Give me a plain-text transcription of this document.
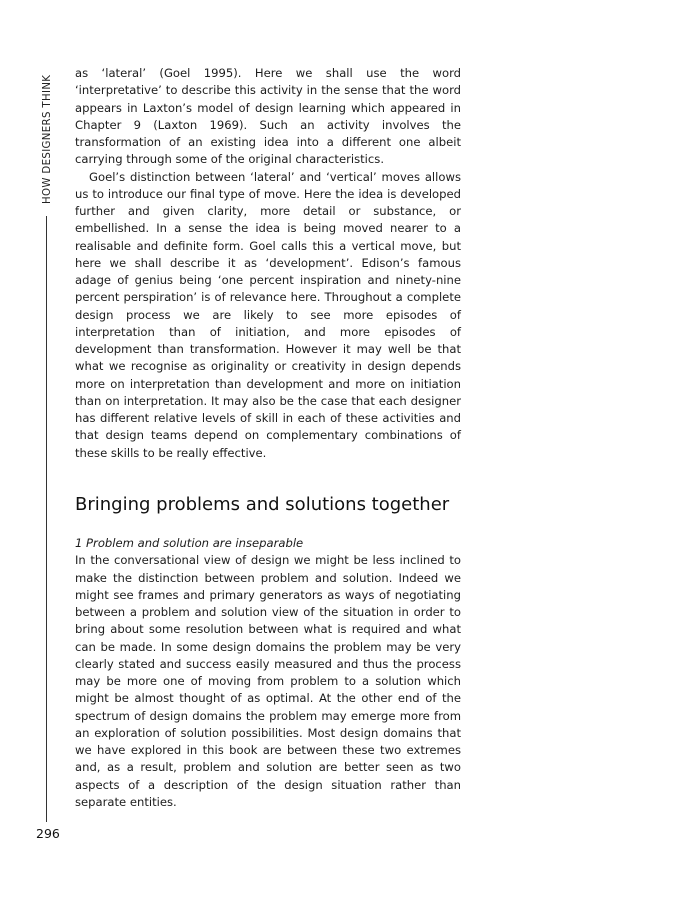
HOW DESIGNERS THINK
296

as ‘lateral’ (Goel 1995). Here we shall use the word ‘interpretative’ to describe this activity in the sense that the word appears in Laxton’s model of design learning which appeared in Chapter 9 (Laxton 1969). Such an activity involves the transformation of an existing idea into a different one albeit carrying through some of the original characteristics.

Goel’s distinction between ‘lateral’ and ‘vertical’ moves allows us to introduce our final type of move. Here the idea is developed further and given clarity, more detail or substance, or embellished. In a sense the idea is being moved nearer to a realisable and definite form. Goel calls this a vertical move, but here we shall describe it as ‘development’. Edison’s famous adage of genius being ‘one percent inspiration and ninety-nine percent perspiration’ is of relevance here. Throughout a complete design process we are likely to see more episodes of interpretation than of initiation, and more episodes of development than transformation. However it may well be that what we recognise as originality or creativity in design depends more on interpretation than development and more on initiation than on interpretation. It may also be the case that each designer has different relative levels of skill in each of these activities and that design teams depend on complementary combinations of these skills to be really effective.

Bringing problems and solutions together

1 Problem and solution are inseparable

In the conversational view of design we might be less inclined to make the distinction between problem and solution. Indeed we might see frames and primary generators as ways of negotiating between a problem and solution view of the situation in order to bring about some resolution between what is required and what can be made. In some design domains the problem may be very clearly stated and success easily measured and thus the process may be more one of moving from problem to a solution which might be almost thought of as optimal. At the other end of the spectrum of design domains the problem may emerge more from an exploration of solution possibilities. Most design domains that we have explored in this book are between these two extremes and, as a result, problem and solution are better seen as two aspects of a description of the design situation rather than separate entities.
